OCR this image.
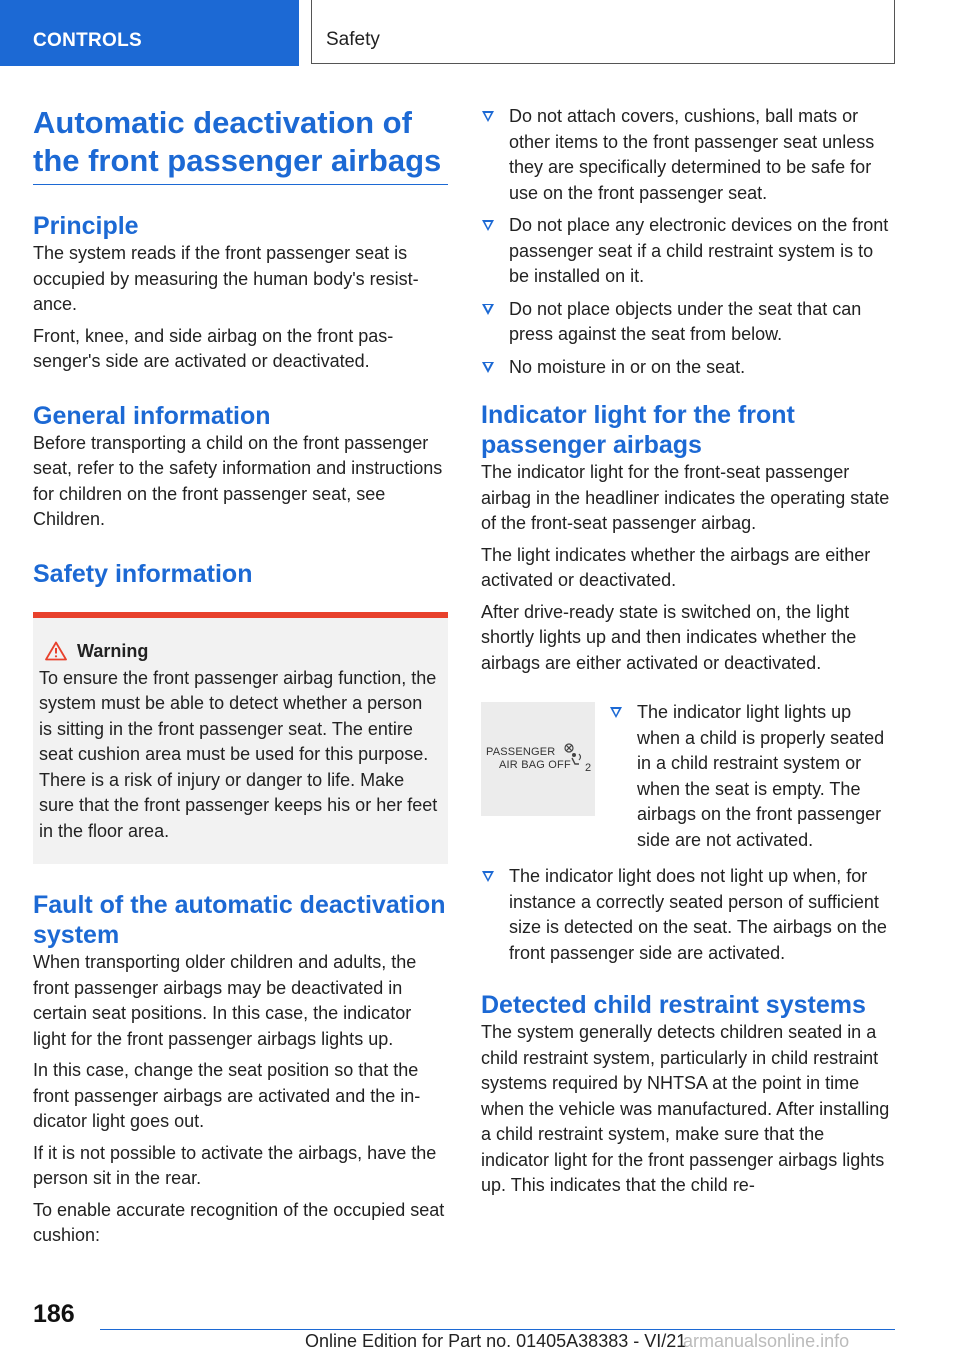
CONTROLS	Safety
Automatic deactivation of the front passenger airbags
Principle

The system reads if the front passenger seat is occupied by measuring the human body's resistance.

Front, knee, and side airbag on the front passenger's side are activated or deactivated.

General information

Before transporting a child on the front passenger seat, refer to the safety information and instructions for children on the front passenger seat, see Children.

Safety information
Warning

To ensure the front passenger airbag function, the system must be able to detect whether a person is sitting in the front passenger seat. The entire seat cushion area must be used for this purpose. There is a risk of injury or danger to life. Make sure that the front passenger keeps his or her feet in the floor area.

Fault of the automatic deactivation system

When transporting older children and adults, the front passenger airbags may be deactivated in certain seat positions. In this case, the indicator light for the front passenger airbags lights up.

In this case, change the seat position so that the front passenger airbags are activated and the indicator light goes out.

If it is not possible to activate the airbags, have the person sit in the rear.

To enable accurate recognition of the occupied seat cushion:

Do not attach covers, cushions, ball mats or other items to the front passenger seat unless they are specifically determined to be safe for use on the front passenger seat.
Do not place any electronic devices on the front passenger seat if a child restraint system is to be installed on it.
Do not place objects under the seat that can press against the seat from below.
No moisture in or on the seat.
Indicator light for the front passenger airbags

The indicator light for the front-seat passenger airbag in the headliner indicates the operating state of the front-seat passenger airbag.

The light indicates whether the airbags are either activated or deactivated.

After drive-ready state is switched on, the light shortly lights up and then indicates whether the airbags are either activated or deactivated.

PASSENGER
AIR BAG OFF 2
The indicator light lights up when a child is properly seated in a child restraint system or when the seat is empty. The airbags on the front passenger side are not activated.
The indicator light does not light up when, for instance a correctly seated person of sufficient size is detected on the seat. The airbags on the front passenger side are activated.
Detected child restraint systems

The system generally detects children seated in a child restraint system, particularly in child restraint systems required by NHTSA at the point in time when the vehicle was manufactured. After installing a child restraint system, make sure that the indicator light for the front passenger airbags lights up. This indicates that the child re-

186
Online Edition for Part no. 01405A38383 - VI/21
armanualsonline.info
